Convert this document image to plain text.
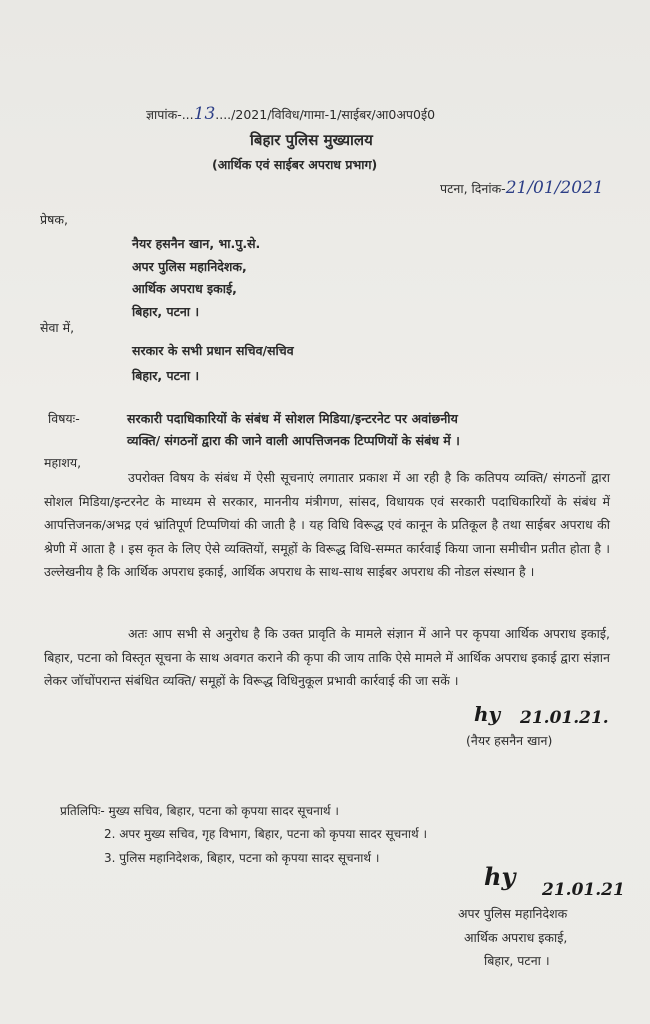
ज्ञापांक-...13..../2021/विविध/गामा-1/साईबर/आ0अप0ई0
बिहार पुलिस मुख्यालय
(आर्थिक एवं साईबर अपराध प्रभाग)
पटना, दिनांक-21/01/2021
प्रेषक,
नैयर हसनैन खान, भा.पु.से.
अपर पुलिस महानिदेशक,
आर्थिक अपराध इकाई,
बिहार, पटना ।
सेवा में,
सरकार के सभी प्रधान सचिव/सचिव
बिहार, पटना ।
विषयः-	सरकारी पदाधिकारियों के संबंध में सोशल मिडिया/इन्टरनेट पर अवांछनीय
व्यक्ति/ संगठनों द्वारा की जाने वाली आपत्तिजनक टिप्पणियों के संबंध में ।
महाशय,
उपरोक्त विषय के संबंध में ऐसी सूचनाएं लगातार प्रकाश में आ रही है कि कतिपय व्यक्ति/ संगठनों द्वारा सोशल मिडिया/इन्टरनेट के माध्यम से सरकार, माननीय मंत्रीगण, सांसद, विधायक एवं सरकारी पदाधिकारियों के संबंध में आपत्तिजनक/अभद्र एवं भ्रांतिपूर्ण टिप्पणियां की जाती है । यह विधि विरूद्ध एवं कानून के प्रतिकूल है तथा साईबर अपराध की श्रेणी में आता है । इस कृत के लिए ऐसे व्यक्तियों, समूहों के विरूद्ध विधि-सम्मत कार्रवाई किया जाना समीचीन प्रतीत होता है । उल्लेखनीय है कि आर्थिक अपराध इकाई, आर्थिक अपराध के साथ-साथ साईबर अपराध की नोडल संस्थान है ।
अतः आप सभी से अनुरोध है कि उक्त प्रावृति के मामले संज्ञान में आने पर कृपया आर्थिक अपराध इकाई, बिहार, पटना को विस्तृत सूचना के साथ अवगत कराने की कृपा की जाय ताकि ऐसे मामले में आर्थिक अपराध इकाई द्वारा संज्ञान लेकर जॉचोंपरान्त संबंधित व्यक्ति/ समूहों के विरूद्ध विधिनुकूल प्रभावी कार्रवाई की जा सकें ।
hy 21.01.21.
(नैयर हसनैन खान)
प्रतिलिपिः- मुख्य सचिव, बिहार, पटना को कृपया सादर सूचनार्थ ।
2. अपर मुख्य सचिव, गृह विभाग, बिहार, पटना को कृपया सादर सूचनार्थ ।
3. पुलिस महानिदेशक, बिहार, पटना को कृपया सादर सूचनार्थ ।
hy 21.01.21
अपर पुलिस महानिदेशक
आर्थिक अपराध इकाई,
बिहार, पटना ।
